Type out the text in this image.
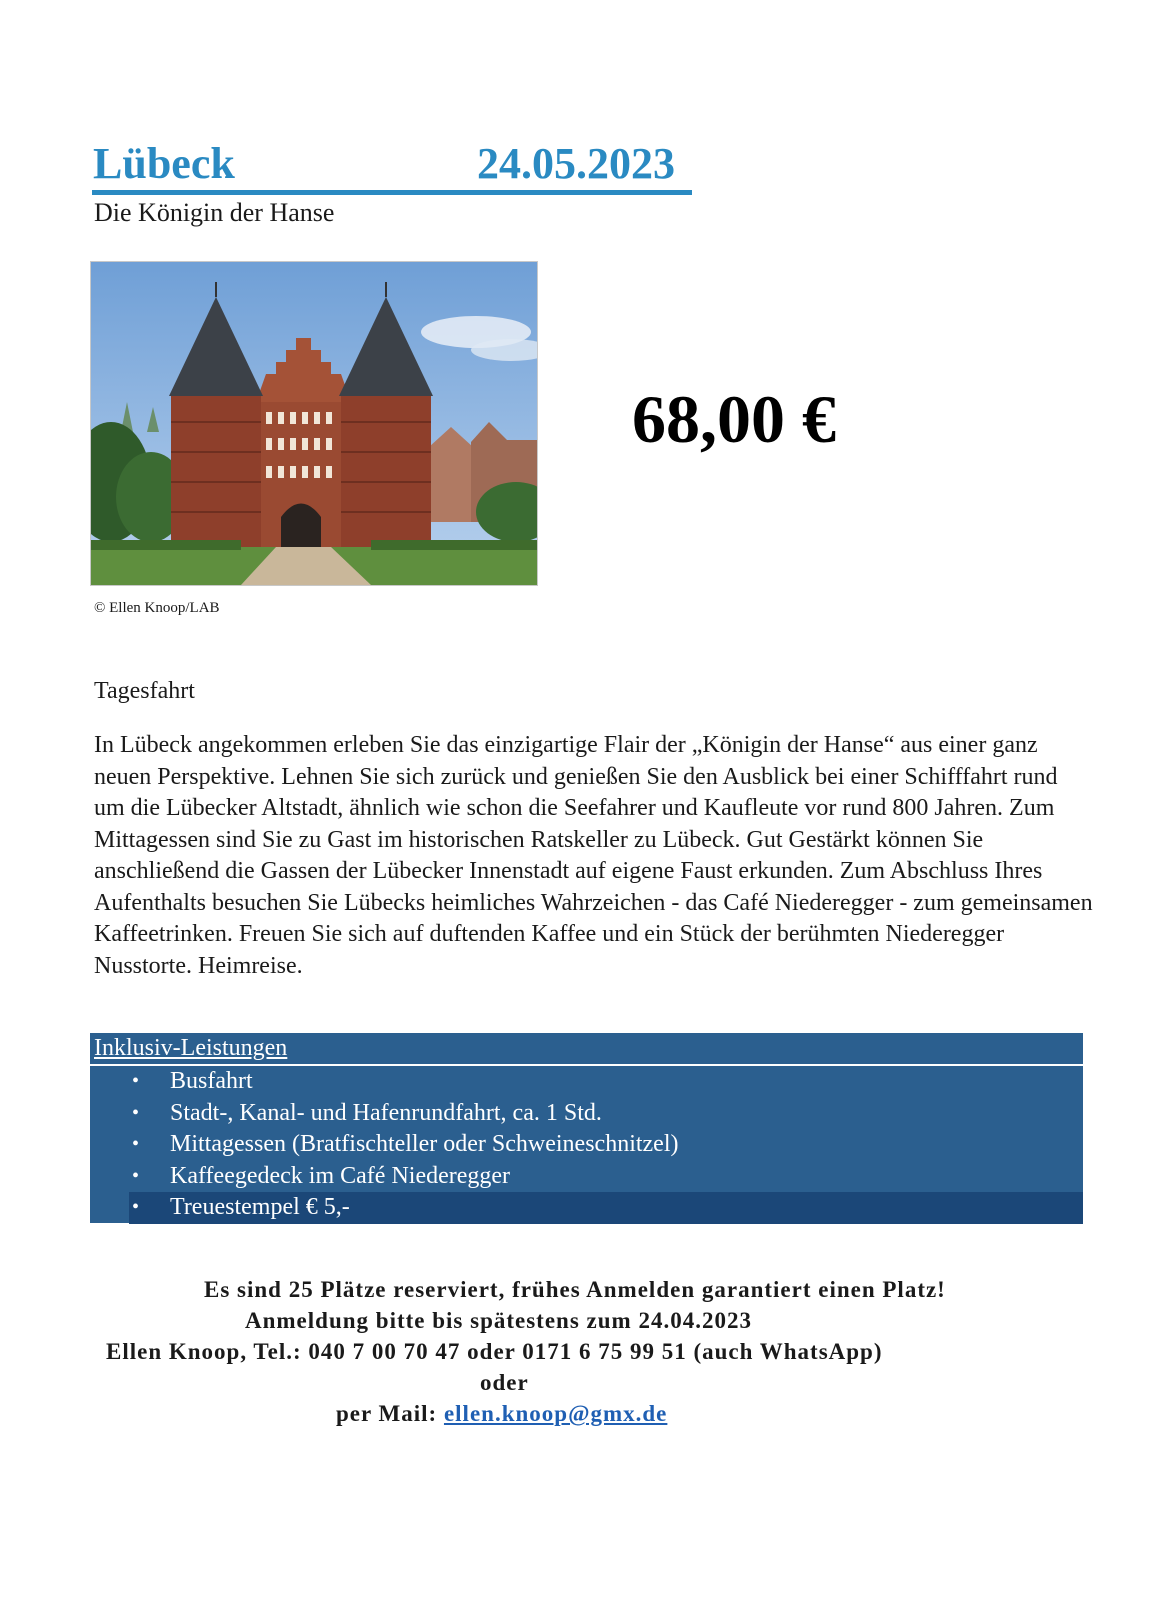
Lübeck	24.05.2023
Die Königin der Hanse
© Ellen Knoop/LAB
68,00 €
Tagesfahrt

In Lübeck angekommen erleben Sie das einzigartige Flair der „Königin der Hanse“ aus einer ganz neuen Perspektive. Lehnen Sie sich zurück und genießen Sie den Ausblick bei einer Schifffahrt rund um die Lübecker Altstadt, ähnlich wie schon die Seefahrer und Kaufleute vor rund 800 Jahren. Zum Mittagessen sind Sie zu Gast im historischen Ratskeller zu Lübeck. Gut Gestärkt können Sie anschließend die Gassen der Lübecker Innenstadt auf eigene Faust erkunden. Zum Abschluss Ihres Aufenthalts besuchen Sie Lübecks heimliches Wahrzeichen - das Café Niederegger - zum gemeinsamen Kaffeetrinken. Freuen Sie sich auf duftenden Kaffee und ein Stück der berühmten Niederegger Nusstorte. Heimreise.

Inklusiv-Leistungen
• Busfahrt
• Stadt-, Kanal- und Hafenrundfahrt, ca. 1 Std.
• Mittagessen (Bratfischteller oder Schweineschnitzel)
• Kaffeegedeck im Café Niederegger
• Treuestempel € 5,-
Es sind 25 Plätze reserviert, frühes Anmelden garantiert einen Platz!
Anmeldung bitte bis spätestens zum 24.04.2023
Ellen Knoop, Tel.: 040 7 00 70 47 oder 0171 6 75 99 51 (auch WhatsApp)
oder
per Mail: ellen.knoop@gmx.de
